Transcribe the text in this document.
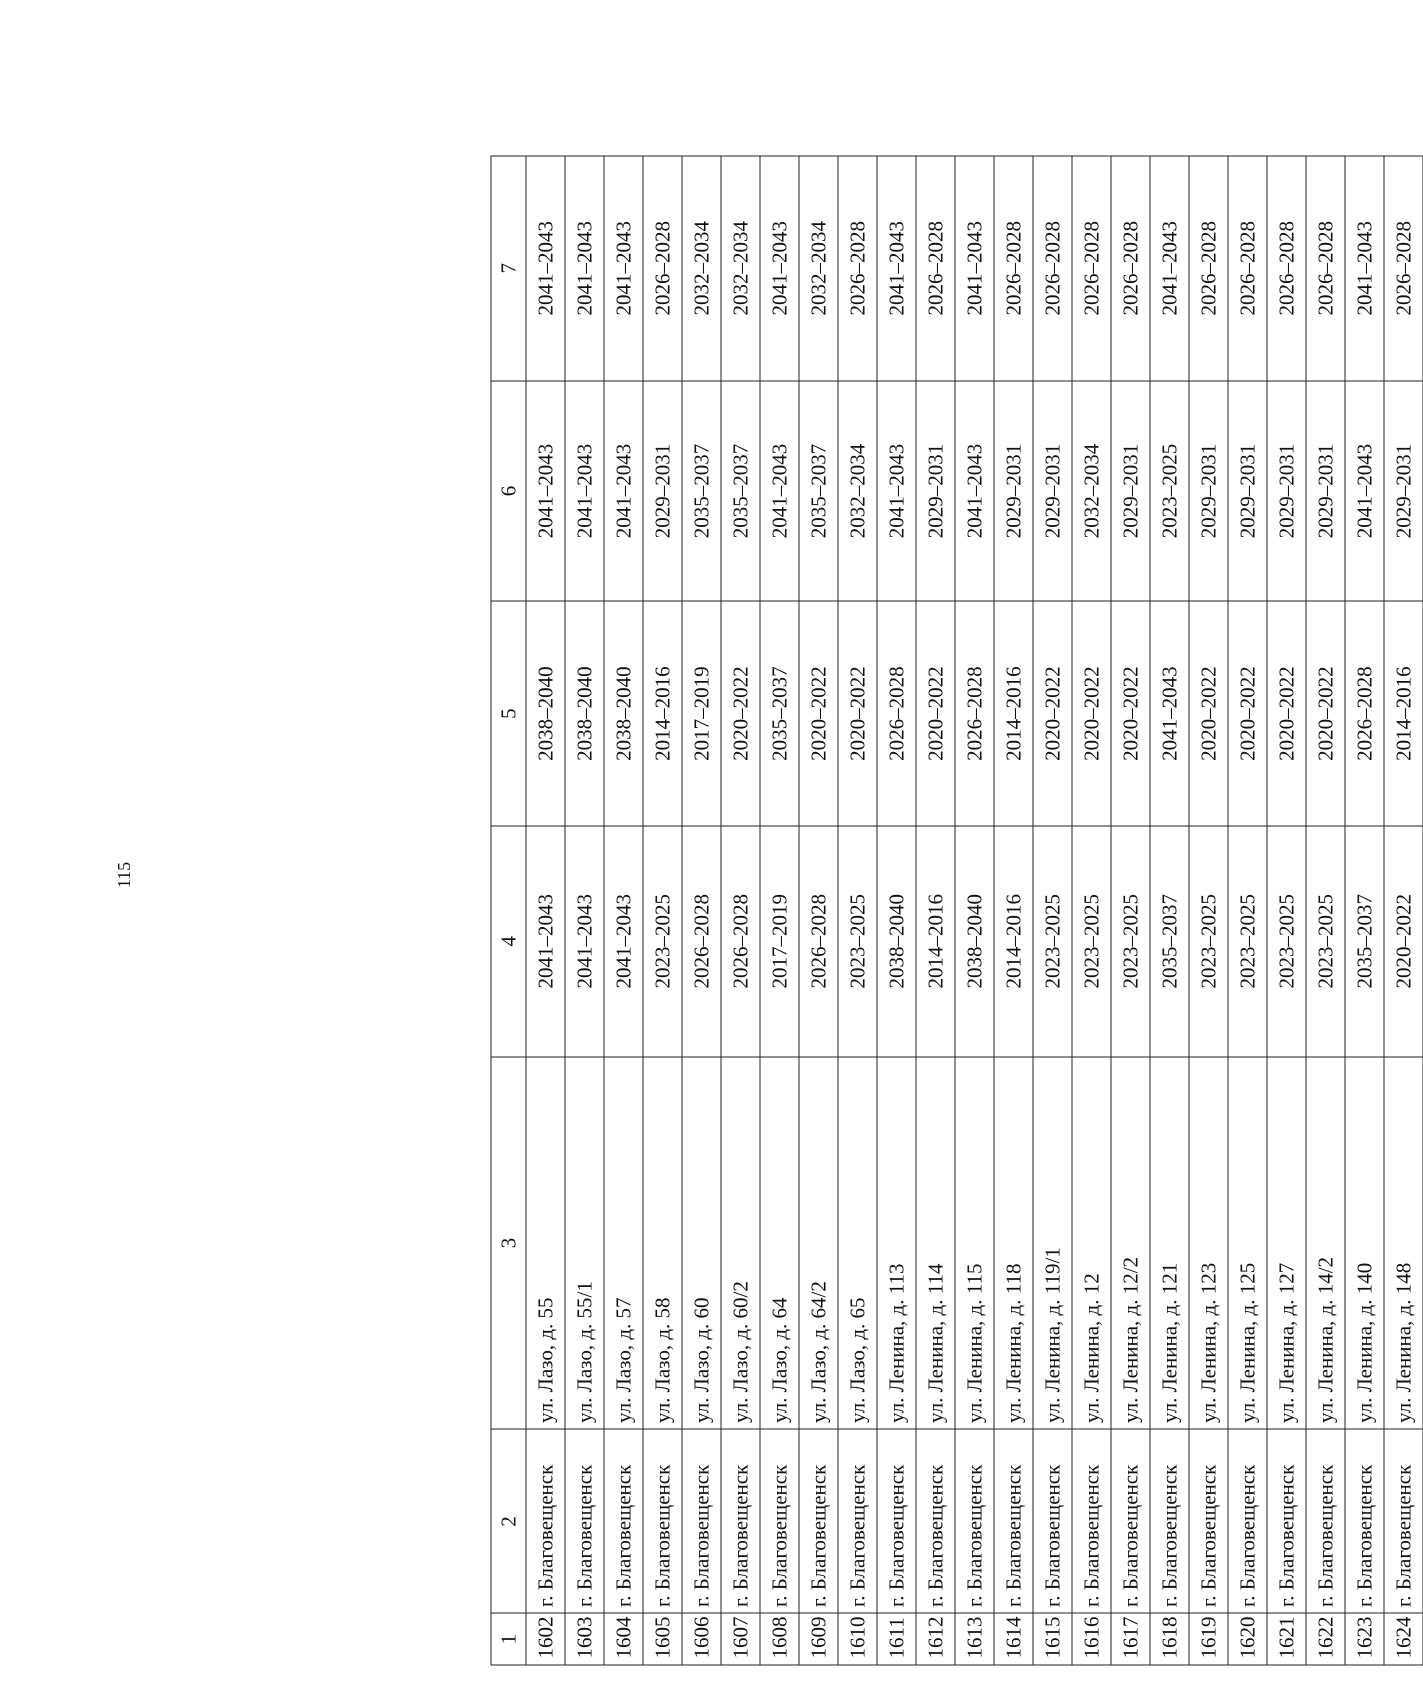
115
1	2	3	4	5	6	7
1602	г. Благовещенск	ул. Лазо, д. 55	2041–2043	2038–2040	2041–2043	2041–2043
1603	г. Благовещенск	ул. Лазо, д. 55/1	2041–2043	2038–2040	2041–2043	2041–2043
1604	г. Благовещенск	ул. Лазо, д. 57	2041–2043	2038–2040	2041–2043	2041–2043
1605	г. Благовещенск	ул. Лазо, д. 58	2023–2025	2014–2016	2029–2031	2026–2028
1606	г. Благовещенск	ул. Лазо, д. 60	2026–2028	2017–2019	2035–2037	2032–2034
1607	г. Благовещенск	ул. Лазо, д. 60/2	2026–2028	2020–2022	2035–2037	2032–2034
1608	г. Благовещенск	ул. Лазо, д. 64	2017–2019	2035–2037	2041–2043	2041–2043
1609	г. Благовещенск	ул. Лазо, д. 64/2	2026–2028	2020–2022	2035–2037	2032–2034
1610	г. Благовещенск	ул. Лазо, д. 65	2023–2025	2020–2022	2032–2034	2026–2028
1611	г. Благовещенск	ул. Ленина, д. 113	2038–2040	2026–2028	2041–2043	2041–2043
1612	г. Благовещенск	ул. Ленина, д. 114	2014–2016	2020–2022	2029–2031	2026–2028
1613	г. Благовещенск	ул. Ленина, д. 115	2038–2040	2026–2028	2041–2043	2041–2043
1614	г. Благовещенск	ул. Ленина, д. 118	2014–2016	2014–2016	2029–2031	2026–2028
1615	г. Благовещенск	ул. Ленина, д. 119/1	2023–2025	2020–2022	2029–2031	2026–2028
1616	г. Благовещенск	ул. Ленина, д. 12	2023–2025	2020–2022	2032–2034	2026–2028
1617	г. Благовещенск	ул. Ленина, д. 12/2	2023–2025	2020–2022	2029–2031	2026–2028
1618	г. Благовещенск	ул. Ленина, д. 121	2035–2037	2041–2043	2023–2025	2041–2043
1619	г. Благовещенск	ул. Ленина, д. 123	2023–2025	2020–2022	2029–2031	2026–2028
1620	г. Благовещенск	ул. Ленина, д. 125	2023–2025	2020–2022	2029–2031	2026–2028
1621	г. Благовещенск	ул. Ленина, д. 127	2023–2025	2020–2022	2029–2031	2026–2028
1622	г. Благовещенск	ул. Ленина, д. 14/2	2023–2025	2020–2022	2029–2031	2026–2028
1623	г. Благовещенск	ул. Ленина, д. 140	2035–2037	2026–2028	2041–2043	2041–2043
1624	г. Благовещенск	ул. Ленина, д. 148	2020–2022	2014–2016	2029–2031	2026–2028
